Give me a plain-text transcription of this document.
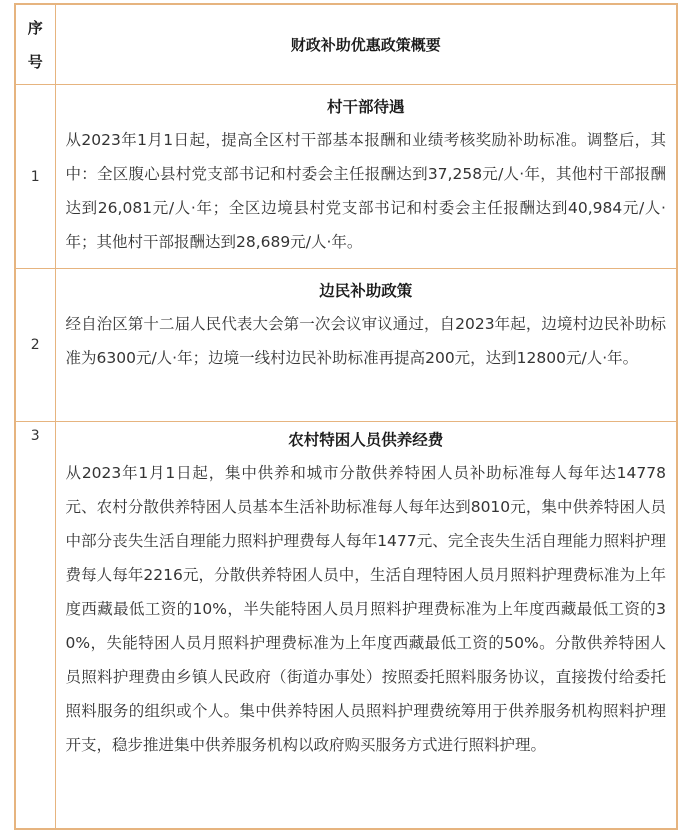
序
号	财政补助优惠政策概要
1	村干部待遇

从2023年1月1日起，提高全区村干部基本报酬和业绩考核奖励补助标准。调整后，其中：全区腹心县村党支部书记和村委会主任报酬达到37,258元/人·年，其他村干部报酬达到26,081元/人·年；全区边境县村党支部书记和村委会主任报酬达到40,984元/人·年；其他村干部报酬达到28,689元/人·年。

2	边民补助政策

经自治区第十二届人民代表大会第一次会议审议通过，自2023年起，边境村边民补助标准为6300元/人·年；边境一线村边民补助标准再提高200元，达到12800元/人·年。

3	农村特困人员供养经费

从2023年1月1日起，集中供养和城市分散供养特困人员补助标准每人每年达14778元、农村分散供养特困人员基本生活补助标准每人每年达到8010元，集中供养特困人员中部分丧失生活自理能力照料护理费每人每年1477元、完全丧失生活自理能力照料护理费每人每年2216元，分散供养特困人员中，生活自理特困人员月照料护理费标准为上年度西藏最低工资的10%，半失能特困人员月照料护理费标准为上年度西藏最低工资的30%，失能特困人员月照料护理费标准为上年度西藏最低工资的50%。分散供养特困人员照料护理费由乡镇人民政府（街道办事处）按照委托照料服务协议，直接拨付给委托照料服务的组织或个人。集中供养特困人员照料护理费统筹用于供养服务机构照料护理开支，稳步推进集中供养服务机构以政府购买服务方式进行照料护理。
